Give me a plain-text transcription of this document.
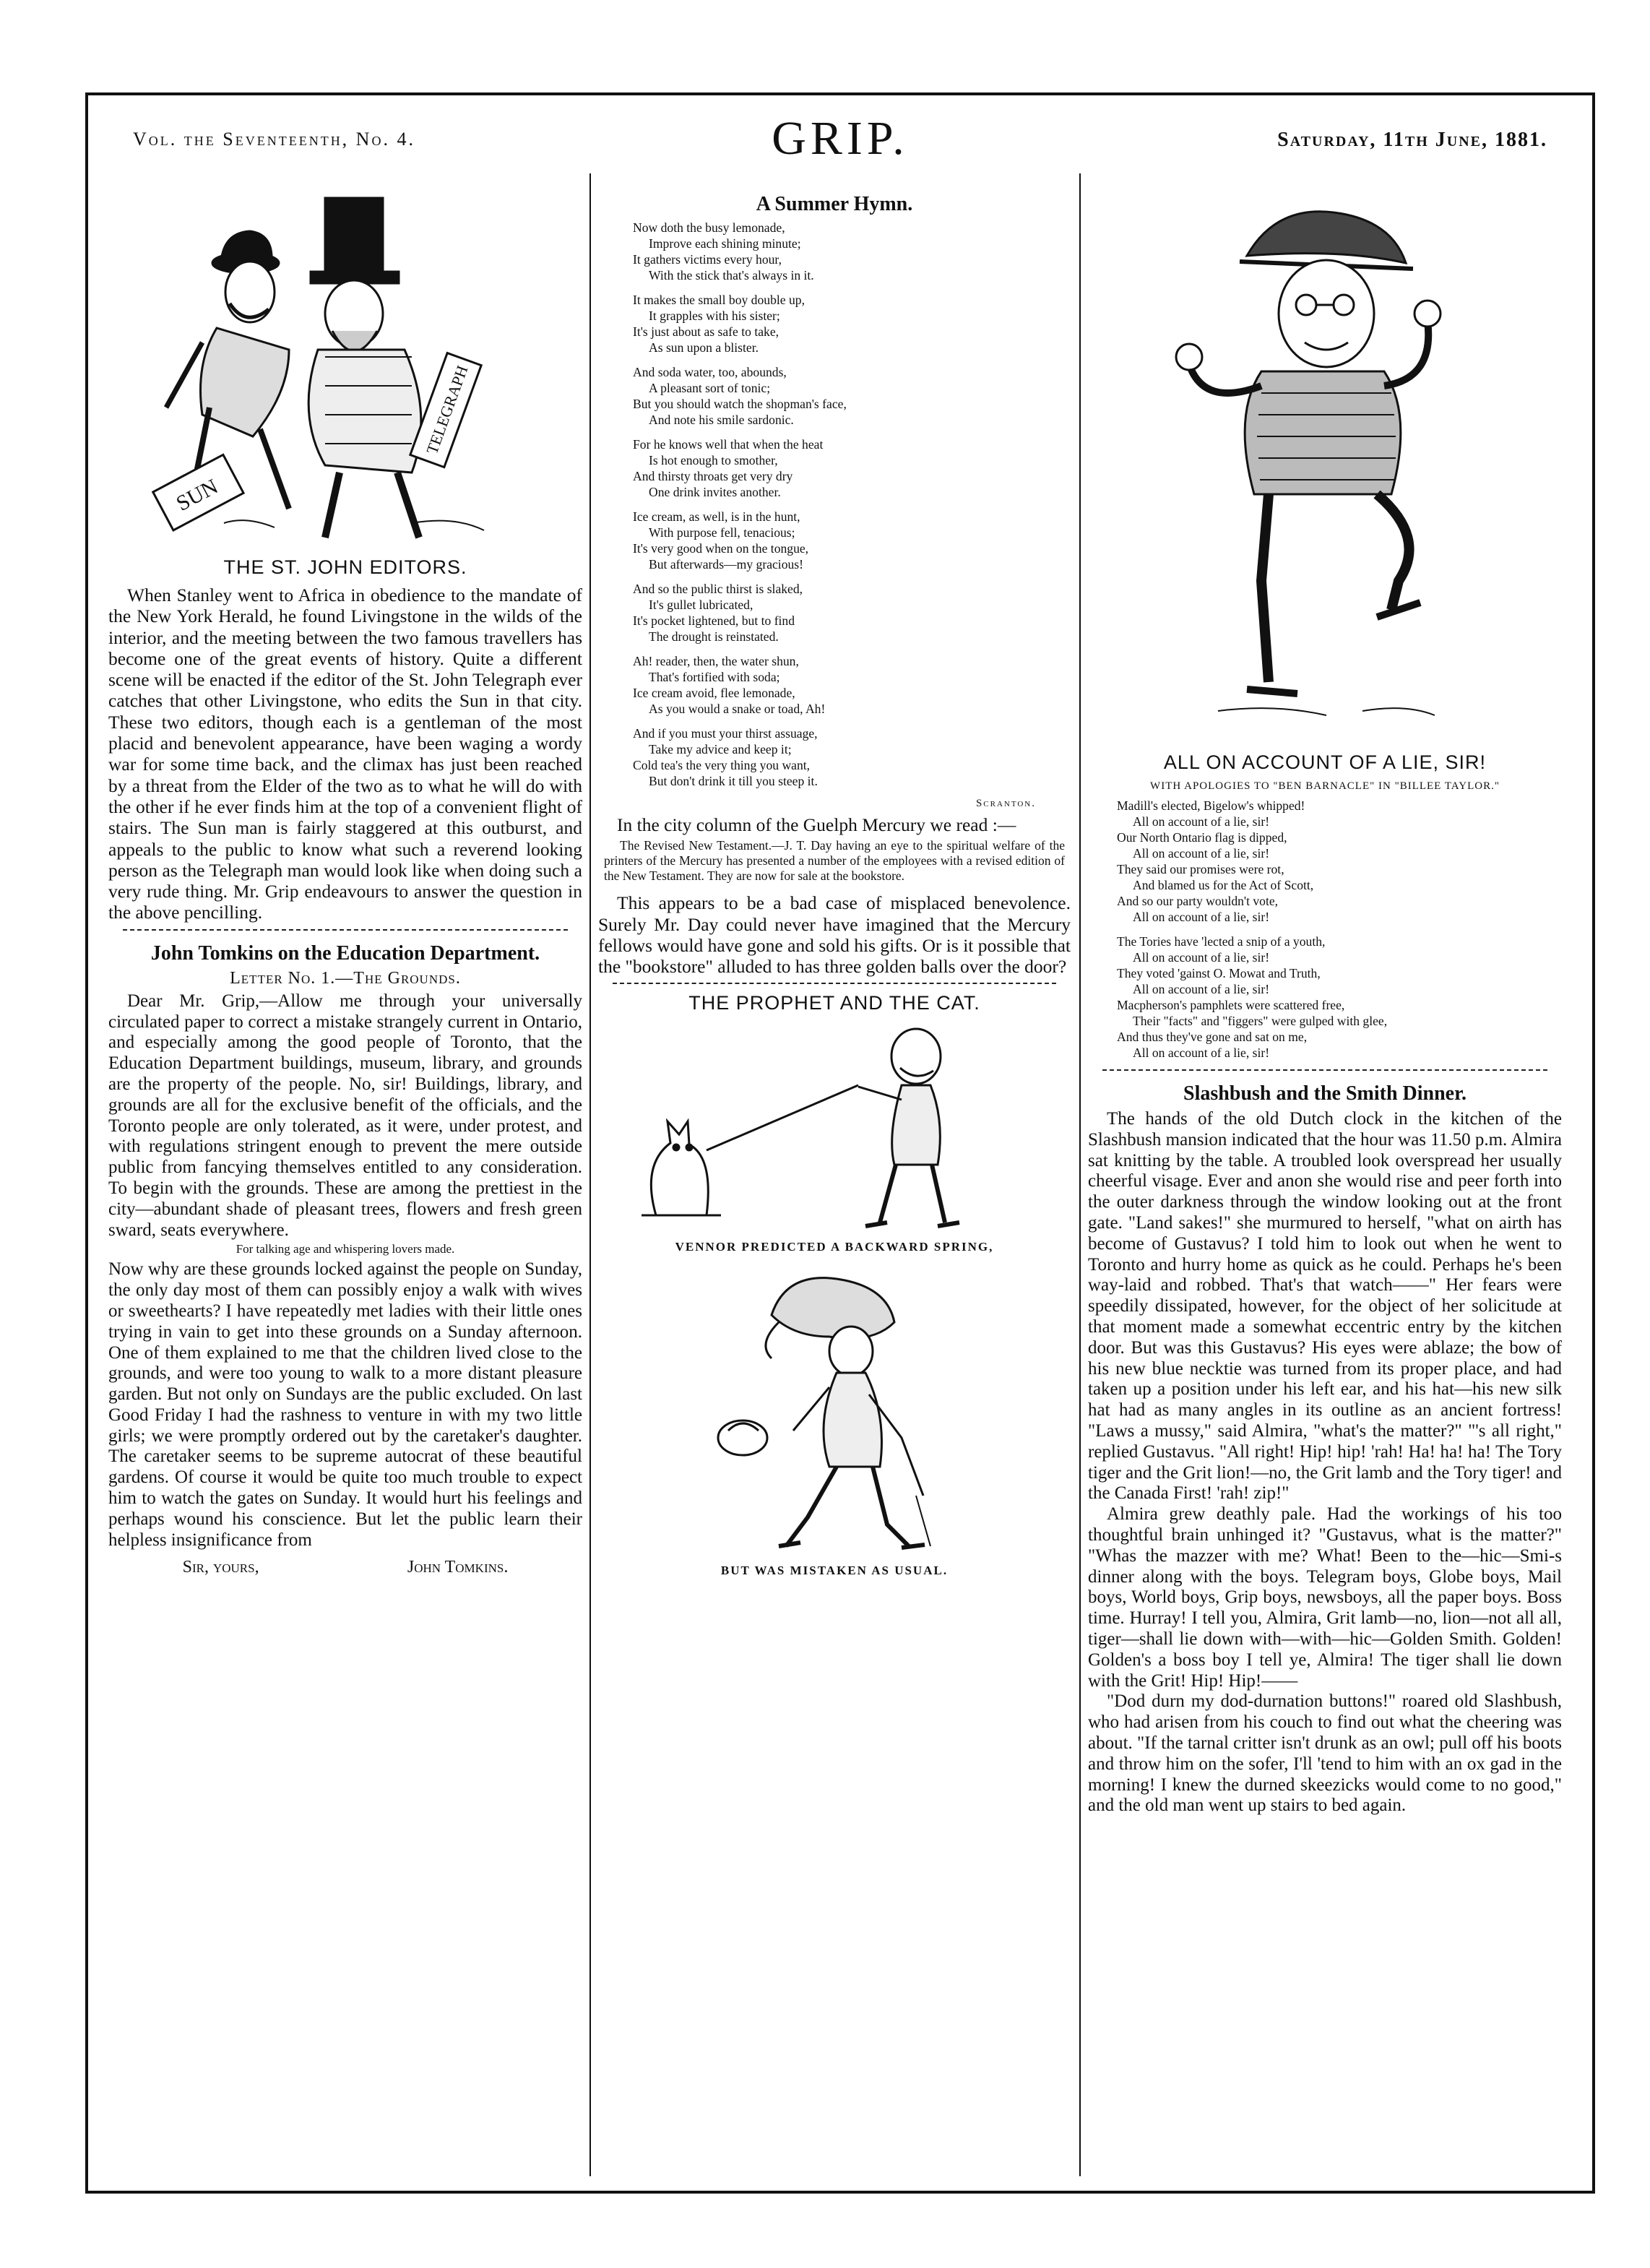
Vol. the Seventeenth, No. 4.	GRIP.	Saturday, 11th June, 1881.
SUN
TELEGRAPH
THE ST. JOHN EDITORS.

When Stanley went to Africa in obedience to the mandate of the New York Herald, he found Livingstone in the wilds of the interior, and the meeting between the two famous travellers has become one of the great events of history. Quite a different scene will be enacted if the editor of the St. John Telegraph ever catches that other Livingstone, who edits the Sun in that city. These two editors, though each is a gentleman of the most placid and benevolent appearance, have been waging a wordy war for some time back, and the climax has just been reached by a threat from the Elder of the two as to what he will do with the other if he ever finds him at the top of a convenient flight of stairs. The Sun man is fairly staggered at this outburst, and appeals to the public to know what such a reverend looking person as the Telegraph man would look like when doing such a very rude thing. Mr. Grip endeavours to answer the question in the above pencilling.

John Tomkins on the Education Department.
Letter No. 1.—The Grounds.

Dear Mr. Grip,—Allow me through your universally circulated paper to correct a mistake strangely current in Ontario, and especially among the good people of Toronto, that the Education Department buildings, museum, library, and grounds are the property of the people. No, sir! Buildings, library, and grounds are all for the exclusive benefit of the officials, and the Toronto people are only tolerated, as it were, under protest, and with regulations stringent enough to prevent the mere outside public from fancying themselves entitled to any consideration. To begin with the grounds. These are among the prettiest in the city—abundant shade of pleasant trees, flowers and fresh green sward, seats everywhere.

For talking age and whispering lovers made.

Now why are these grounds locked against the people on Sunday, the only day most of them can possibly enjoy a walk with wives or sweethearts? I have repeatedly met ladies with their little ones trying in vain to get into these grounds on a Sunday afternoon. One of them explained to me that the children lived close to the grounds, and were too young to walk to a more distant pleasure garden. But not only on Sundays are the public excluded. On last Good Friday I had the rashness to venture in with my two little girls; we were promptly ordered out by the caretaker's daughter. The caretaker seems to be supreme autocrat of these beautiful gardens. Of course it would be quite too much trouble to expect him to watch the gates on Sunday. It would hurt his feelings and perhaps wound his conscience. But let the public learn their helpless insignificance from

Sir, yours,	John Tomkins.
A Summer Hymn.
Now doth the busy lemonade,
Improve each shining minute;
It gathers victims every hour,
With the stick that's always in it.
It makes the small boy double up,
It grapples with his sister;
It's just about as safe to take,
As sun upon a blister.
And soda water, too, abounds,
A pleasant sort of tonic;
But you should watch the shopman's face,
And note his smile sardonic.
For he knows well that when the heat
Is hot enough to smother,
And thirsty throats get very dry
One drink invites another.
Ice cream, as well, is in the hunt,
With purpose fell, tenacious;
It's very good when on the tongue,
But afterwards—my gracious!
And so the public thirst is slaked,
It's gullet lubricated,
It's pocket lightened, but to find
The drought is reinstated.
Ah! reader, then, the water shun,
That's fortified with soda;
Ice cream avoid, flee lemonade,
As you would a snake or toad, Ah!
And if you must your thirst assuage,
Take my advice and keep it;
Cold tea's the very thing you want,
But don't drink it till you steep it.
Scranton.

In the city column of the Guelph Mercury we read :—

The Revised New Testament.—J. T. Day having an eye to the spiritual welfare of the printers of the Mercury has presented a number of the employees with a revised edition of the New Testament. They are now for sale at the bookstore.

This appears to be a bad case of misplaced benevolence. Surely Mr. Day could never have imagined that the Mercury fellows would have gone and sold his gifts. Or is it possible that the "bookstore" alluded to has three golden balls over the door?

THE PROPHET AND THE CAT.
VENNOR PREDICTED A BACKWARD SPRING,
BUT WAS MISTAKEN AS USUAL.
ALL ON ACCOUNT OF A LIE, SIR!
WITH APOLOGIES TO "BEN BARNACLE" IN "BILLEE TAYLOR."
Madill's elected, Bigelow's whipped!
All on account of a lie, sir!
Our North Ontario flag is dipped,
All on account of a lie, sir!
They said our promises were rot,
And blamed us for the Act of Scott,
And so our party wouldn't vote,
All on account of a lie, sir!
The Tories have 'lected a snip of a youth,
All on account of a lie, sir!
They voted 'gainst O. Mowat and Truth,
All on account of a lie, sir!
Macpherson's pamphlets were scattered free,
Their "facts" and "figgers" were gulped with glee,
And thus they've gone and sat on me,
All on account of a lie, sir!
Slashbush and the Smith Dinner.

The hands of the old Dutch clock in the kitchen of the Slashbush mansion indicated that the hour was 11.50 p.m. Almira sat knitting by the table. A troubled look overspread her usually cheerful visage. Ever and anon she would rise and peer forth into the outer darkness through the window looking out at the front gate. "Land sakes!" she murmured to herself, "what on airth has become of Gustavus? I told him to look out when he went to Toronto and hurry home as quick as he could. Perhaps he's been way-laid and robbed. That's that watch——" Her fears were speedily dissipated, however, for the object of her solicitude at that moment made a somewhat eccentric entry by the kitchen door. But was this Gustavus? His eyes were ablaze; the bow of his new blue necktie was turned from its proper place, and had taken up a position under his left ear, and his hat—his new silk hat had as many angles in its outline as an ancient fortress! "Laws a mussy," said Almira, "what's the matter?" "'s all right," replied Gustavus. "All right! Hip! hip! 'rah! Ha! ha! ha! The Tory tiger and the Grit lion!—no, the Grit lamb and the Tory tiger! and the Canada First! 'rah! zip!"

Almira grew deathly pale. Had the workings of his too thoughtful brain unhinged it? "Gustavus, what is the matter?" "Whas the mazzer with me? What! Been to the—hic—Smi-s dinner along with the boys. Telegram boys, Globe boys, Mail boys, World boys, Grip boys, newsboys, all the paper boys. Boss time. Hurray! I tell you, Almira, Grit lamb—no, lion—not all all, tiger—shall lie down with—with—hic—Golden Smith. Golden! Golden's a boss boy I tell ye, Almira! The tiger shall lie down with the Grit! Hip! Hip!——

"Dod durn my dod-durnation buttons!" roared old Slashbush, who had arisen from his couch to find out what the cheering was about. "If the tarnal critter isn't drunk as an owl; pull off his boots and throw him on the sofer, I'll 'tend to him with an ox gad in the morning! I knew the durned skeezicks would come to no good," and the old man went up stairs to bed again.
